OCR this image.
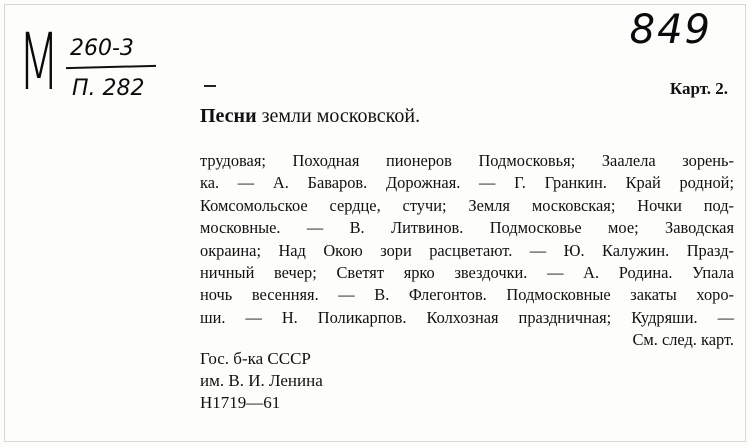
М 260-3
П. 282
849
Карт. 2.
Песни земли московской.
трудовая; Походная пионеров Подмосковья; Заалела зорень-
ка. — А. Баваров. Дорожная. — Г. Гранкин. Край родной;
Комсомольское сердце, стучи; Земля московская; Ночки под-
московные. — В. Литвинов. Подмосковье мое; Заводская
окраина; Над Окою зори расцветают. — Ю. Калужин. Празд-
ничный вечер; Светят ярко звездочки. — А. Родина. Упала
ночь весенняя. — В. Флегонтов. Подмосковные закаты хоро-
ши. — Н. Поликарпов. Колхозная праздничная; Кудряши. —
См. след. карт.
Гос. б-ка СССР
им. В. И. Ленина
H1719—61
